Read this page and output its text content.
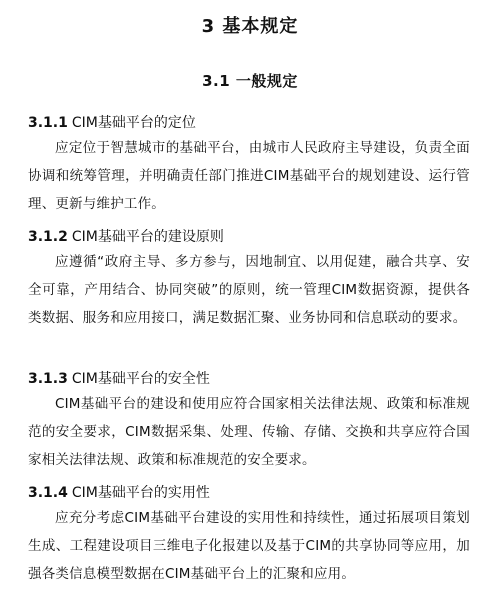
3 基本规定
3.1 一般规定
3.1.1 CIM基础平台的定位
应定位于智慧城市的基础平台，由城市人民政府主导建设，负责全面协调和统筹管理，并明确责任部门推进CIM基础平台的规划建设、运行管理、更新与维护工作。
3.1.2 CIM基础平台的建设原则
应遵循“政府主导、多方参与，因地制宜、以用促建，融合共享、安全可靠，产用结合、协同突破”的原则，统一管理CIM数据资源，提供各类数据、服务和应用接口，满足数据汇聚、业务协同和信息联动的要求。
3.1.3 CIM基础平台的安全性
CIM基础平台的建设和使用应符合国家相关法律法规、政策和标准规范的安全要求，CIM数据采集、处理、传输、存储、交换和共享应符合国家相关法律法规、政策和标准规范的安全要求。
3.1.4 CIM基础平台的实用性
应充分考虑CIM基础平台建设的实用性和持续性，通过拓展项目策划生成、工程建设项目三维电子化报建以及基于CIM的共享协同等应用，加强各类信息模型数据在CIM基础平台上的汇聚和应用。
